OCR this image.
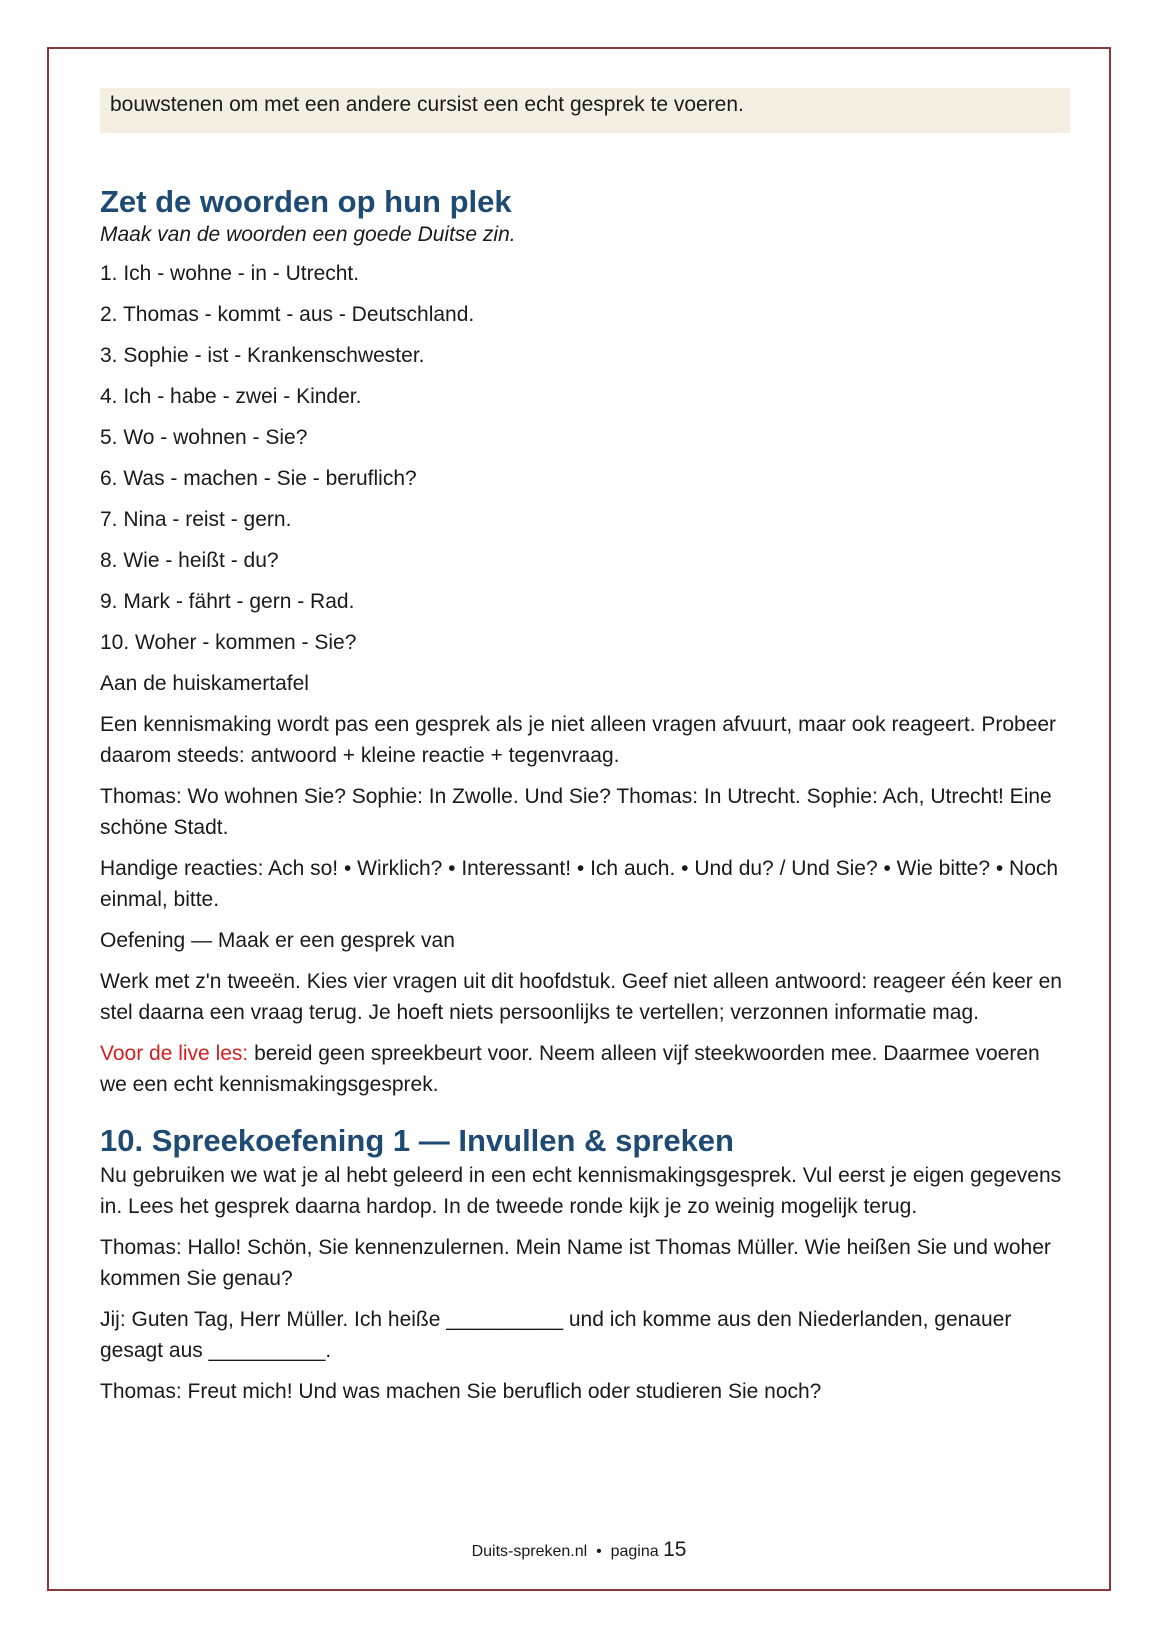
bouwstenen om met een andere cursist een echt gesprek te voeren.
Zet de woorden op hun plek
Maak van de woorden een goede Duitse zin.

1. Ich - wohne - in - Utrecht.

2. Thomas - kommt - aus - Deutschland.

3. Sophie - ist - Krankenschwester.

4. Ich - habe - zwei - Kinder.

5. Wo - wohnen - Sie?

6. Was - machen - Sie - beruflich?

7. Nina - reist - gern.

8. Wie - heißt - du?

9. Mark - fährt - gern - Rad.

10. Woher - kommen - Sie?

Aan de huiskamertafel

Een kennismaking wordt pas een gesprek als je niet alleen vragen afvuurt, maar ook reageert. Probeer daarom steeds: antwoord + kleine reactie + tegenvraag.

Thomas: Wo wohnen Sie? Sophie: In Zwolle. Und Sie? Thomas: In Utrecht. Sophie: Ach, Utrecht! Eine schöne Stadt.

Handige reacties: Ach so! • Wirklich? • Interessant! • Ich auch. • Und du? / Und Sie? • Wie bitte? • Noch einmal, bitte.

Oefening — Maak er een gesprek van

Werk met z'n tweeën. Kies vier vragen uit dit hoofdstuk. Geef niet alleen antwoord: reageer één keer en stel daarna een vraag terug. Je hoeft niets persoonlijks te vertellen; verzonnen informatie mag.

Voor de live les: bereid geen spreekbeurt voor. Neem alleen vijf steekwoorden mee. Daarmee voeren we een echt kennismakingsgesprek.

10. Spreekoefening 1 — Invullen & spreken

Nu gebruiken we wat je al hebt geleerd in een echt kennismakingsgesprek. Vul eerst je eigen gegevens in. Lees het gesprek daarna hardop. In de tweede ronde kijk je zo weinig mogelijk terug.

Thomas: Hallo! Schön, Sie kennenzulernen. Mein Name ist Thomas Müller. Wie heißen Sie und woher kommen Sie genau?

Jij: Guten Tag, Herr Müller. Ich heiße __________ und ich komme aus den Niederlanden, genauer gesagt aus __________.

Thomas: Freut mich! Und was machen Sie beruflich oder studieren Sie noch?

Duits-spreken.nl • pagina 15
